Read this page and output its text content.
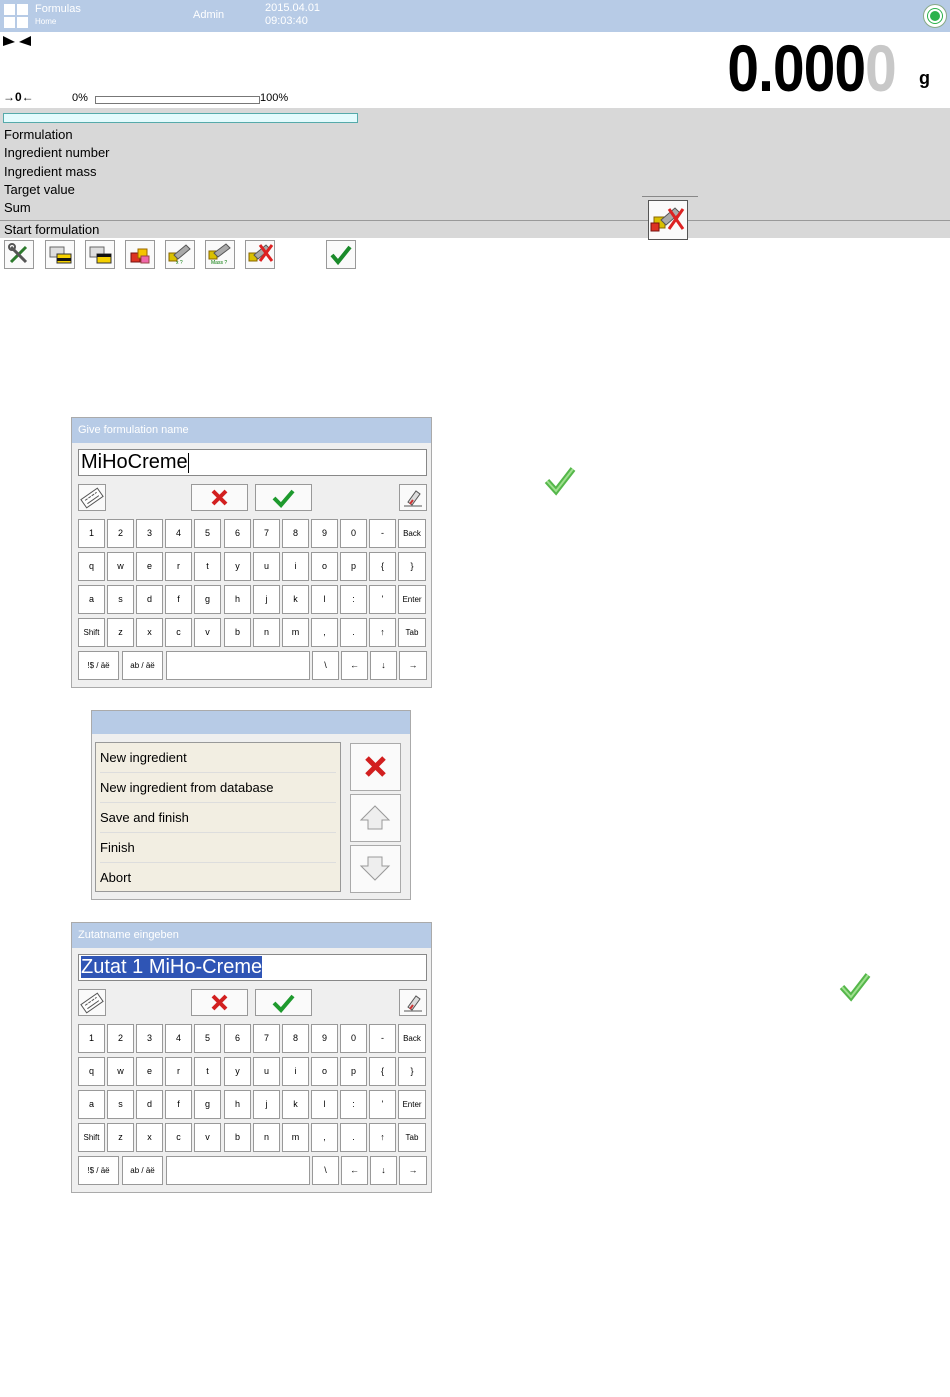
Formulas
Home
Admin
2015.04.01
09:03:40
0.0000 g
→0←	0%	100%
Formulation
Ingredient number
Ingredient mass
Target value
Sum
Start formulation
x ?	Mass ?
Give formulation name
MiHoCreme
1	2	3	4	5	6	7	8	9	0	-	Back
q	w	e	r	t	y	u	i	o	p	{	}
a	s	d	f	g	h	j	k	l	:	'	Enter
Shift	z	x	c	v	b	n	m	,	.	↑	Tab
!$ / äë	ab / äë	\	←	↓	→
New ingredient
New ingredient from database
Save and finish
Finish
Abort
Zutatname eingeben
Zutat 1 MiHo-Creme
1	2	3	4	5	6	7	8	9	0	-	Back
q	w	e	r	t	y	u	i	o	p	{	}
a	s	d	f	g	h	j	k	l	:	'	Enter
Shift	z	x	c	v	b	n	m	,	.	↑	Tab
!$ / äë	ab / äë	\	←	↓	→
